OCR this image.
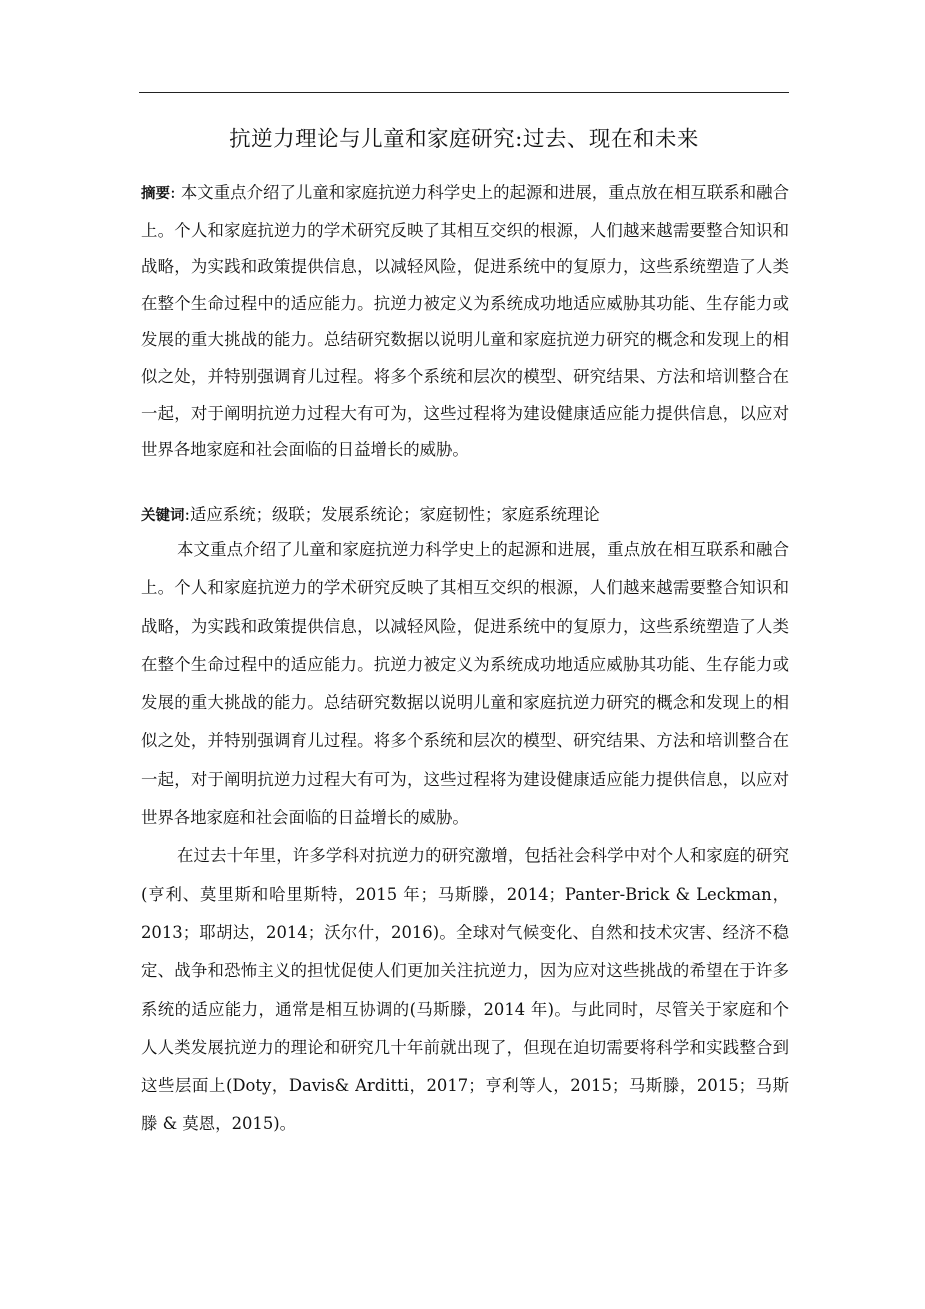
抗逆力理论与儿童和家庭研究:过去、现在和未来

摘要: 本文重点介绍了儿童和家庭抗逆力科学史上的起源和进展，重点放在相互联系和融合上。个人和家庭抗逆力的学术研究反映了其相互交织的根源，人们越来越需要整合知识和战略，为实践和政策提供信息，以减轻风险，促进系统中的复原力，这些系统塑造了人类在整个生命过程中的适应能力。抗逆力被定义为系统成功地适应威胁其功能、生存能力或发展的重大挑战的能力。总结研究数据以说明儿童和家庭抗逆力研究的概念和发现上的相似之处，并特别强调育儿过程。将多个系统和层次的模型、研究结果、方法和培训整合在一起，对于阐明抗逆力过程大有可为，这些过程将为建设健康适应能力提供信息，以应对世界各地家庭和社会面临的日益增长的威胁。

关键词:适应系统；级联；发展系统论；家庭韧性；家庭系统理论

本文重点介绍了儿童和家庭抗逆力科学史上的起源和进展，重点放在相互联系和融合上。个人和家庭抗逆力的学术研究反映了其相互交织的根源，人们越来越需要整合知识和战略，为实践和政策提供信息，以减轻风险，促进系统中的复原力，这些系统塑造了人类在整个生命过程中的适应能力。抗逆力被定义为系统成功地适应威胁其功能、生存能力或发展的重大挑战的能力。总结研究数据以说明儿童和家庭抗逆力研究的概念和发现上的相似之处，并特别强调育儿过程。将多个系统和层次的模型、研究结果、方法和培训整合在一起，对于阐明抗逆力过程大有可为，这些过程将为建设健康适应能力提供信息，以应对世界各地家庭和社会面临的日益增长的威胁。

在过去十年里，许多学科对抗逆力的研究激增，包括社会科学中对个人和家庭的研究(亨利、莫里斯和哈里斯特，2015 年；马斯滕，2014；Panter-Brick & Leckman，2013；耶胡达，2014；沃尔什，2016)。全球对气候变化、自然和技术灾害、经济不稳定、战争和恐怖主义的担忧促使人们更加关注抗逆力，因为应对这些挑战的希望在于许多系统的适应能力，通常是相互协调的(马斯滕，2014 年)。与此同时，尽管关于家庭和个人人类发展抗逆力的理论和研究几十年前就出现了，但现在迫切需要将科学和实践整合到这些层面上(Doty，Davis& Arditti，2017；亨利等人，2015；马斯滕，2015；马斯滕 & 莫恩，2015)。
